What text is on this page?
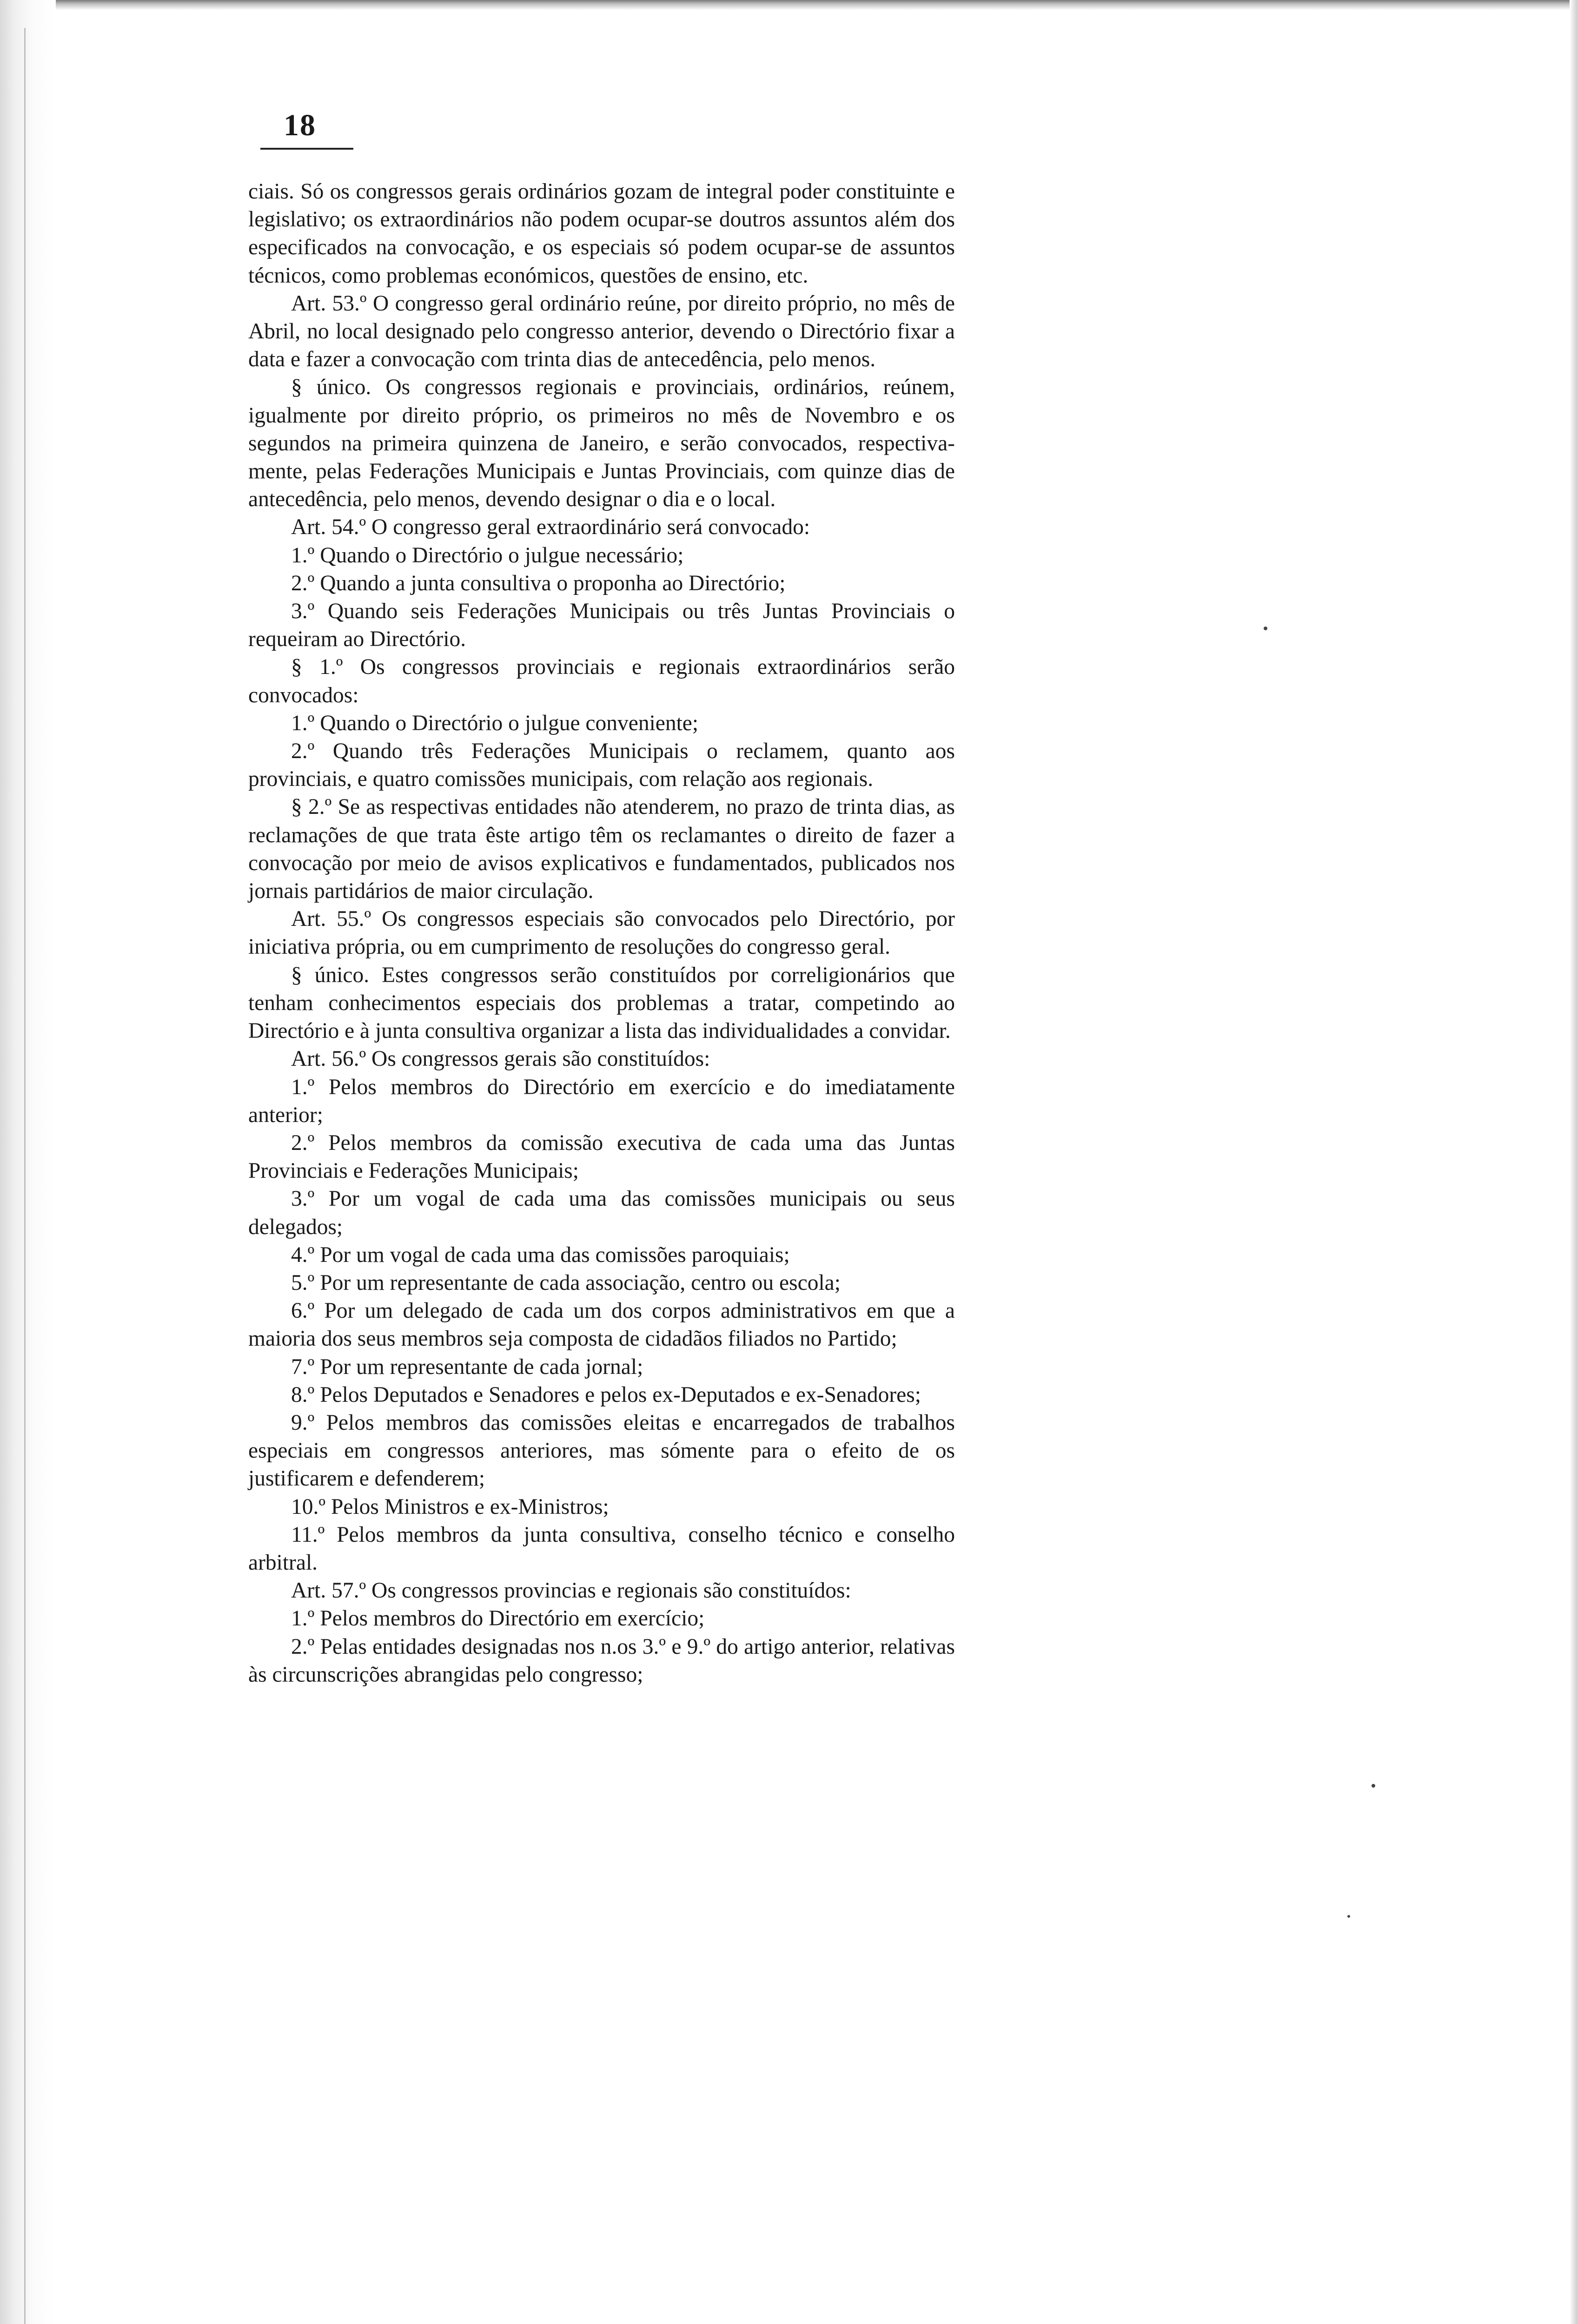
18

ciais. Só os congressos gerais ordinários gozam de integral poder constituinte e legislativo; os extraordinários não podem ocupar-se doutros assuntos além dos especificados na convocação, e os especiais só podem ocupar-se de assuntos técnicos, como problemas económicos, questões de ensino, etc.

Art. 53.º O congresso geral ordinário reúne, por direito próprio, no mês de Abril, no local designado pelo congresso anterior, devendo o Directório fixar a data e fazer a convocação com trinta dias de antecedência, pelo menos.

§ único. Os congressos regionais e provinciais, ordinários, reúnem, igualmente por direito próprio, os primeiros no mês de Novembro e os segundos na primeira quinzena de Janeiro, e serão convocados, respectivamente, pelas Federações Municipais e Juntas Provinciais, com quinze dias de antecedência, pelo menos, devendo designar o dia e o local.

Art. 54.º O congresso geral extraordinário será convocado:

1.º Quando o Directório o julgue necessário;

2.º Quando a junta consultiva o proponha ao Directório;

3.º Quando seis Federações Municipais ou três Juntas Provinciais o requeiram ao Directório.

§ 1.º Os congressos provinciais e regionais extraordinários serão convocados:

1.º Quando o Directório o julgue conveniente;

2.º Quando três Federações Municipais o reclamem, quanto aos provinciais, e quatro comissões municipais, com relação aos regionais.

§ 2.º Se as respectivas entidades não atenderem, no prazo de trinta dias, as reclamações de que trata êste artigo têm os reclamantes o direito de fazer a convocação por meio de avisos explicativos e fundamentados, publicados nos jornais partidários de maior circulação.

Art. 55.º Os congressos especiais são convocados pelo Directório, por iniciativa própria, ou em cumprimento de resoluções do congresso geral.

§ único. Estes congressos serão constituídos por correligionários que tenham conhecimentos especiais dos problemas a tratar, competindo ao Directório e à junta consultiva organizar a lista das individualidades a convidar.

Art. 56.º Os congressos gerais são constituídos:

1.º Pelos membros do Directório em exercício e do imediatamente anterior;

2.º Pelos membros da comissão executiva de cada uma das Juntas Provinciais e Federações Municipais;

3.º Por um vogal de cada uma das comissões municipais ou seus delegados;

4.º Por um vogal de cada uma das comissões paroquiais;

5.º Por um representante de cada associação, centro ou escola;

6.º Por um delegado de cada um dos corpos administrativos em que a maioria dos seus membros seja composta de cidadãos filiados no Partido;

7.º Por um representante de cada jornal;

8.º Pelos Deputados e Senadores e pelos ex-Deputados e ex-Senadores;

9.º Pelos membros das comissões eleitas e encarregados de trabalhos especiais em congressos anteriores, mas sómente para o efeito de os justificarem e defenderem;

10.º Pelos Ministros e ex-Ministros;

11.º Pelos membros da junta consultiva, conselho técnico e conselho arbitral.

Art. 57.º Os congressos provincias e regionais são constituídos:

1.º Pelos membros do Directório em exercício;

2.º Pelas entidades designadas nos n.os 3.º e 9.º do artigo anterior, relativas às circunscrições abrangidas pelo congresso;
